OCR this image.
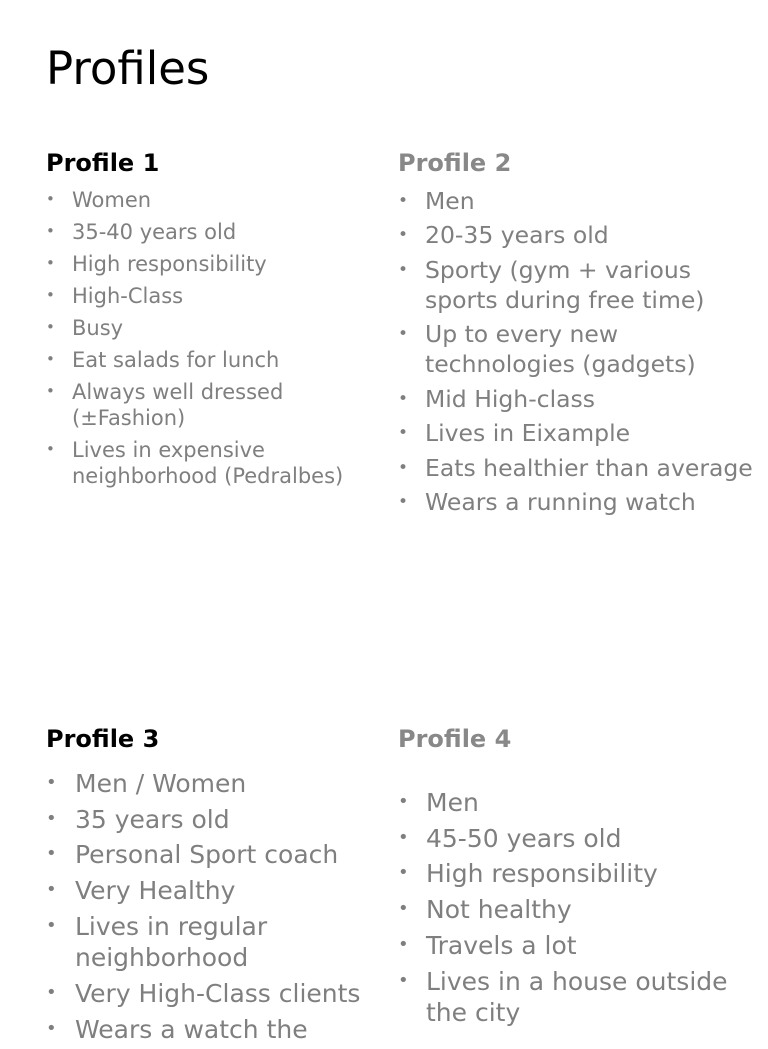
Profiles
Profile 1
• Women
• 35-40 years old
• High responsibility
• High-Class
• Busy
• Eat salads for lunch
• Always well dressed (±Fashion)
• Lives in expensive neighborhood (Pedralbes)
Profile 2
• Men
• 20-35 years old
• Sporty (gym + various sports during free time)
• Up to every new technologies (gadgets)
• Mid High-class
• Lives in Eixample
• Eats healthier than average
• Wears a running watch
Profile 3
• Men / Women
• 35 years old
• Personal Sport coach
• Very Healthy
• Lives in regular neighborhood
• Very High-Class clients
• Wears a watch the
Profile 4
• Men
• 45-50 years old
• High responsibility
• Not healthy
• Travels a lot
• Lives in a house outside the city
